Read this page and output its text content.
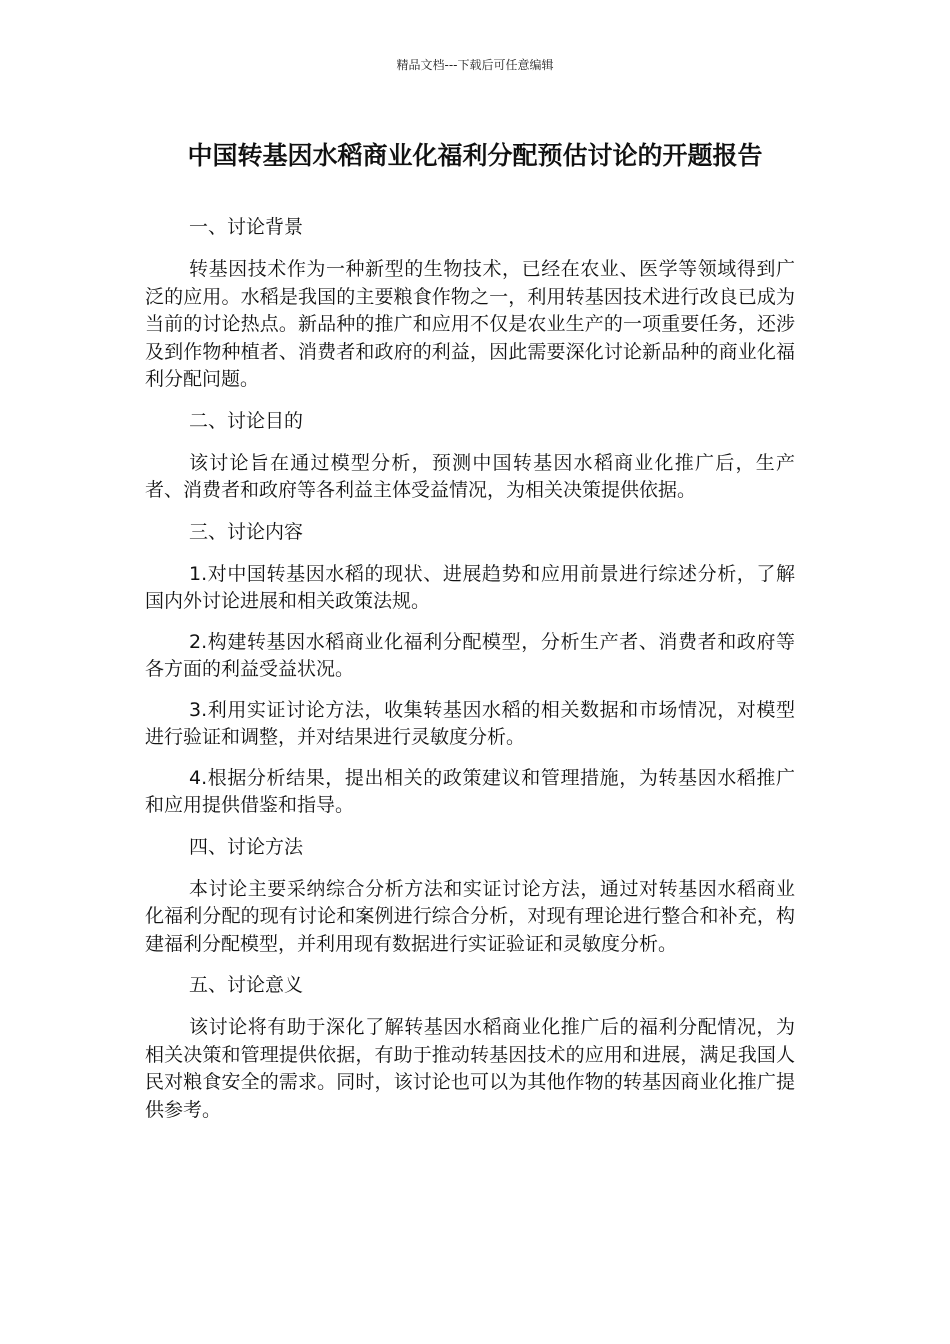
精品文档---下载后可任意编辑
中国转基因水稻商业化福利分配预估讨论的开题报告

一、讨论背景

转基因技术作为一种新型的生物技术，已经在农业、医学等领域得到广泛的应用。水稻是我国的主要粮食作物之一，利用转基因技术进行改良已成为当前的讨论热点。新品种的推广和应用不仅是农业生产的一项重要任务，还涉及到作物种植者、消费者和政府的利益，因此需要深化讨论新品种的商业化福利分配问题。

二、讨论目的

该讨论旨在通过模型分析，预测中国转基因水稻商业化推广后，生产者、消费者和政府等各利益主体受益情况，为相关决策提供依据。

三、讨论内容

1.对中国转基因水稻的现状、进展趋势和应用前景进行综述分析，了解国内外讨论进展和相关政策法规。

2.构建转基因水稻商业化福利分配模型，分析生产者、消费者和政府等各方面的利益受益状况。

3.利用实证讨论方法，收集转基因水稻的相关数据和市场情况，对模型进行验证和调整，并对结果进行灵敏度分析。

4.根据分析结果，提出相关的政策建议和管理措施，为转基因水稻推广和应用提供借鉴和指导。

四、讨论方法

本讨论主要采纳综合分析方法和实证讨论方法，通过对转基因水稻商业化福利分配的现有讨论和案例进行综合分析，对现有理论进行整合和补充，构建福利分配模型，并利用现有数据进行实证验证和灵敏度分析。

五、讨论意义

该讨论将有助于深化了解转基因水稻商业化推广后的福利分配情况，为相关决策和管理提供依据，有助于推动转基因技术的应用和进展，满足我国人民对粮食安全的需求。同时，该讨论也可以为其他作物的转基因商业化推广提供参考。
